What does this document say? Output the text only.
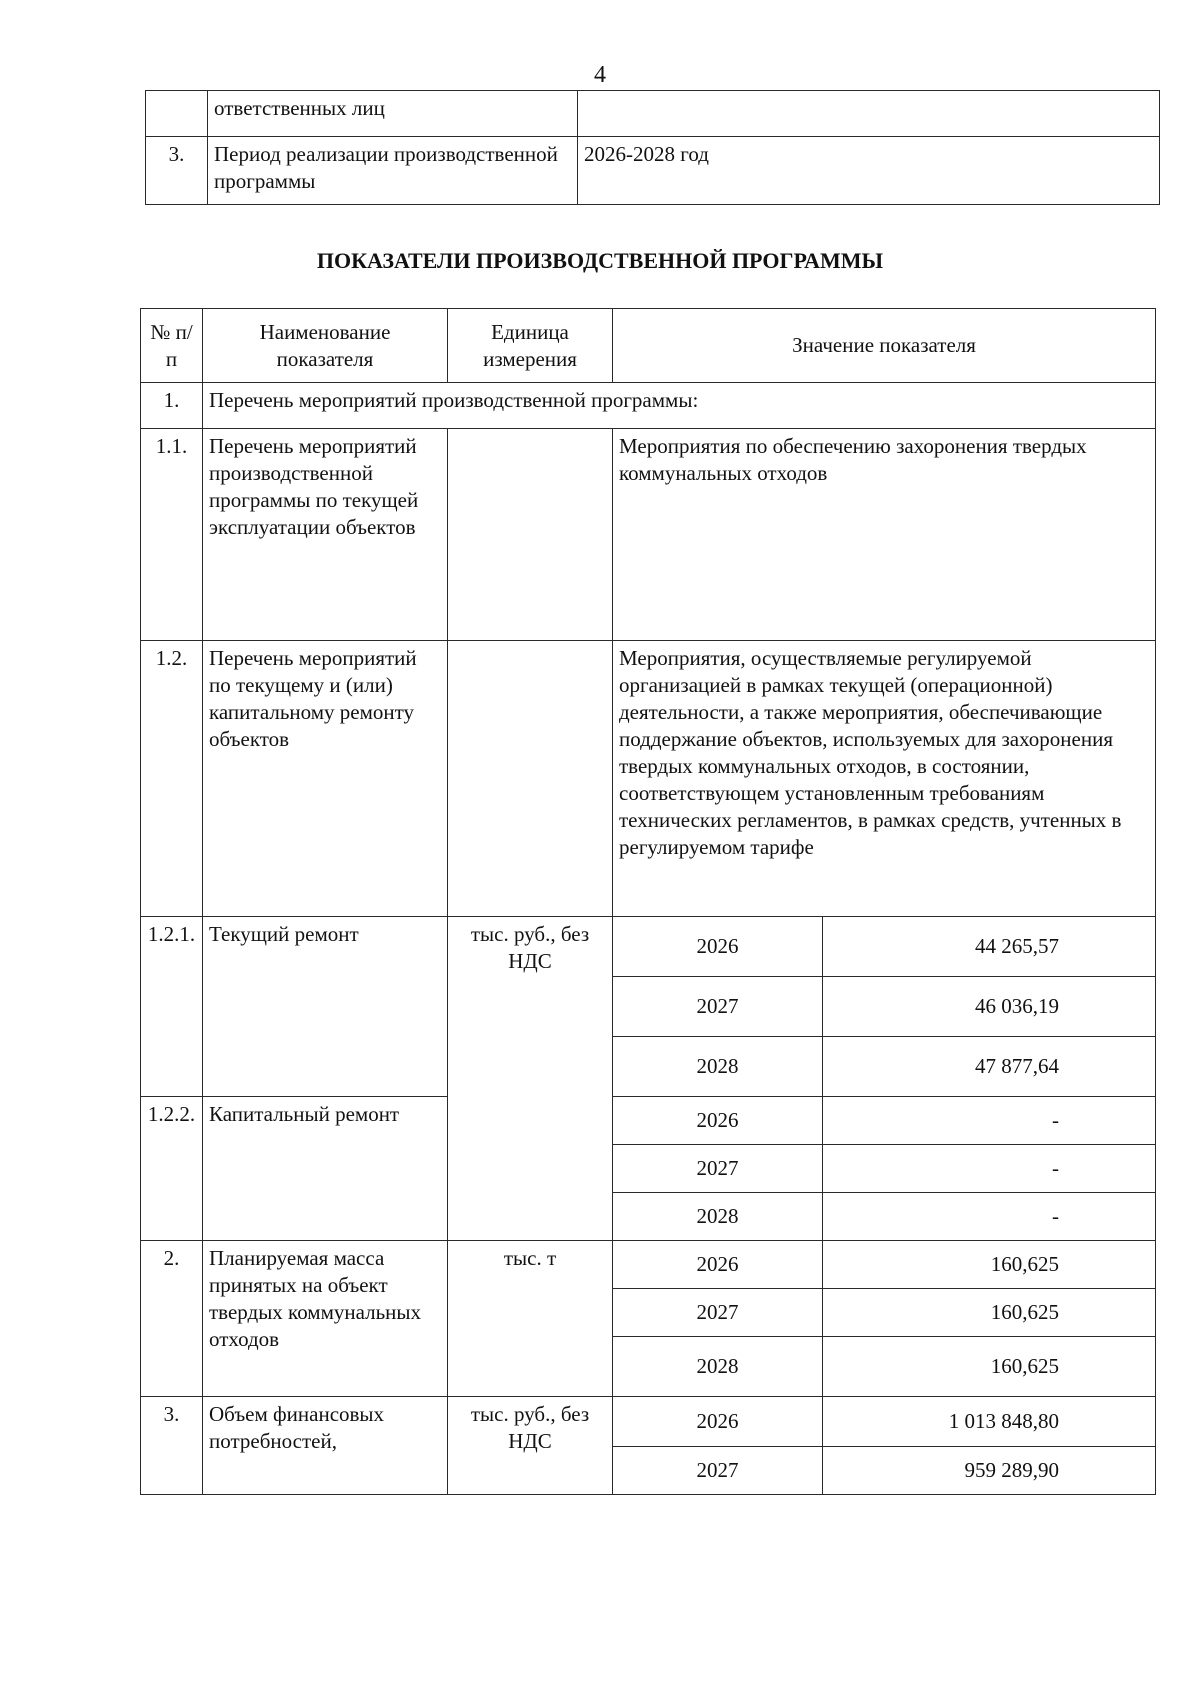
4
	ответственных лиц	
3.	Период реализации производственной программы	2026-2028 год
ПОКАЗАТЕЛИ ПРОИЗВОДСТВЕННОЙ ПРОГРАММЫ
№ п/п	Наименование показателя	Единица измерения	Значение показателя	
1.	Перечень мероприятий производственной программы:			
1.1.	Перечень мероприятий производственной программы по текущей эксплуатации объектов		Мероприятия по обеспечению захоронения твердых коммунальных отходов	
1.2.	Перечень мероприятий по текущему и (или) капитальному ремонту объектов		Мероприятия, осуществляемые регулируемой организацией в рамках текущей (операционной) деятельности, а также мероприятия, обеспечивающие поддержание объектов, используемых для захоронения твердых коммунальных отходов, в состоянии, соответствующем установленным требованиям технических регламентов, в рамках средств, учтенных в регулируемом тарифе	
1.2.1.	Текущий ремонт	тыс. руб., без НДС	2026	44 265,57
			2027	46 036,19
			2028	47 877,64
1.2.2.	Капитальный ремонт		2026	-
			2027	-
			2028	-
2.	Планируемая масса принятых на объект твердых коммунальных отходов	тыс. т	2026	160,625
			2027	160,625
			2028	160,625
3.	Объем финансовых потребностей,	тыс. руб., без НДС	2026	1 013 848,80
			2027	959 289,90
